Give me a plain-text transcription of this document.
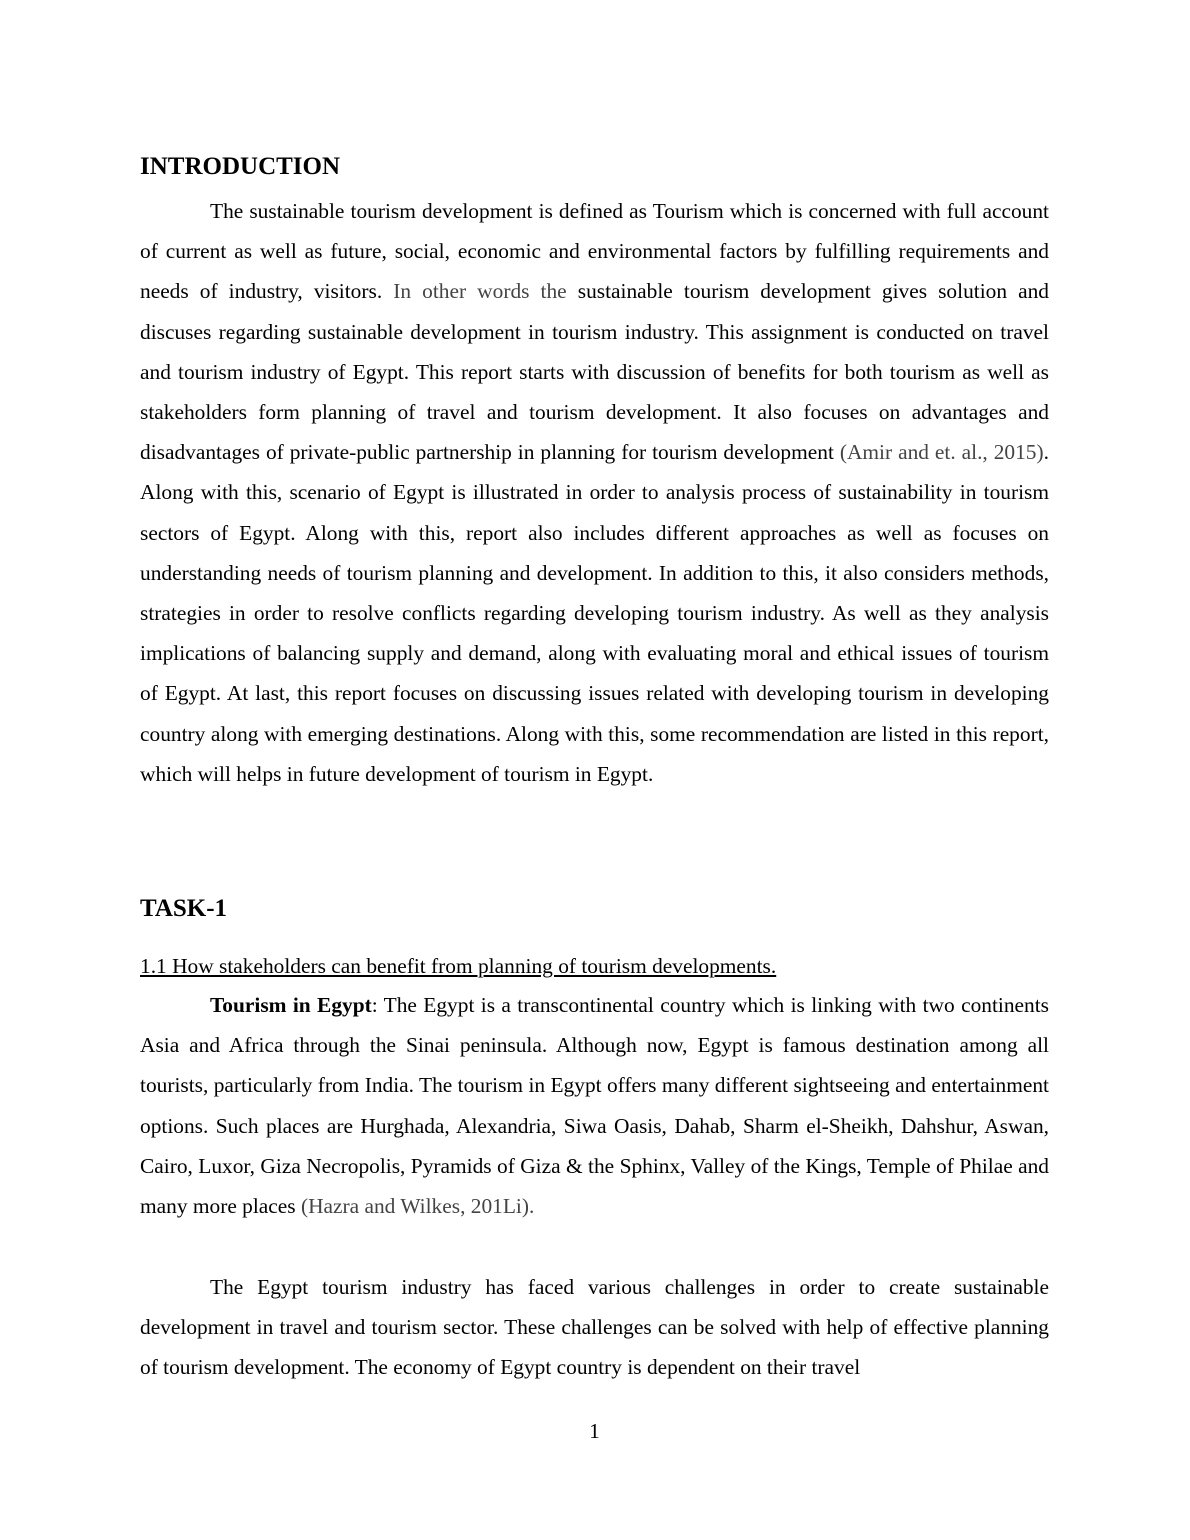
INTRODUCTION

The sustainable tourism development is defined as Tourism which is concerned with full account of current as well as future, social, economic and environmental factors by fulfilling requirements and needs of industry, visitors. In other words the sustainable tourism development gives solution and discuses regarding sustainable development in tourism industry. This assignment is conducted on travel and tourism industry of Egypt. This report starts with discussion of benefits for both tourism as well as stakeholders form planning of travel and tourism development. It also focuses on advantages and disadvantages of private-public partnership in planning for tourism development (Amir and et. al., 2015). Along with this, scenario of Egypt is illustrated in order to analysis process of sustainability in tourism sectors of Egypt. Along with this, report also includes different approaches as well as focuses on understanding needs of tourism planning and development. In addition to this, it also considers methods, strategies in order to resolve conflicts regarding developing tourism industry. As well as they analysis implications of balancing supply and demand, along with evaluating moral and ethical issues of tourism of Egypt. At last, this report focuses on discussing issues related with developing tourism in developing country along with emerging destinations. Along with this, some recommendation are listed in this report, which will helps in future development of tourism in Egypt.

TASK-1

1.1 How stakeholders can benefit from planning of tourism developments.

Tourism in Egypt: The Egypt is a transcontinental country which is linking with two continents Asia and Africa through the Sinai peninsula. Although now, Egypt is famous destination among all tourists, particularly from India. The tourism in Egypt offers many different sightseeing and entertainment options. Such places are Hurghada, Alexandria, Siwa Oasis, Dahab, Sharm el-Sheikh, Dahshur, Aswan, Cairo, Luxor, Giza Necropolis, Pyramids of Giza & the Sphinx, Valley of the Kings, Temple of Philae and many more places (Hazra and Wilkes, 201Li).

The Egypt tourism industry has faced various challenges in order to create sustainable development in travel and tourism sector. These challenges can be solved with help of effective planning of tourism development. The economy of Egypt country is dependent on their travel

1
